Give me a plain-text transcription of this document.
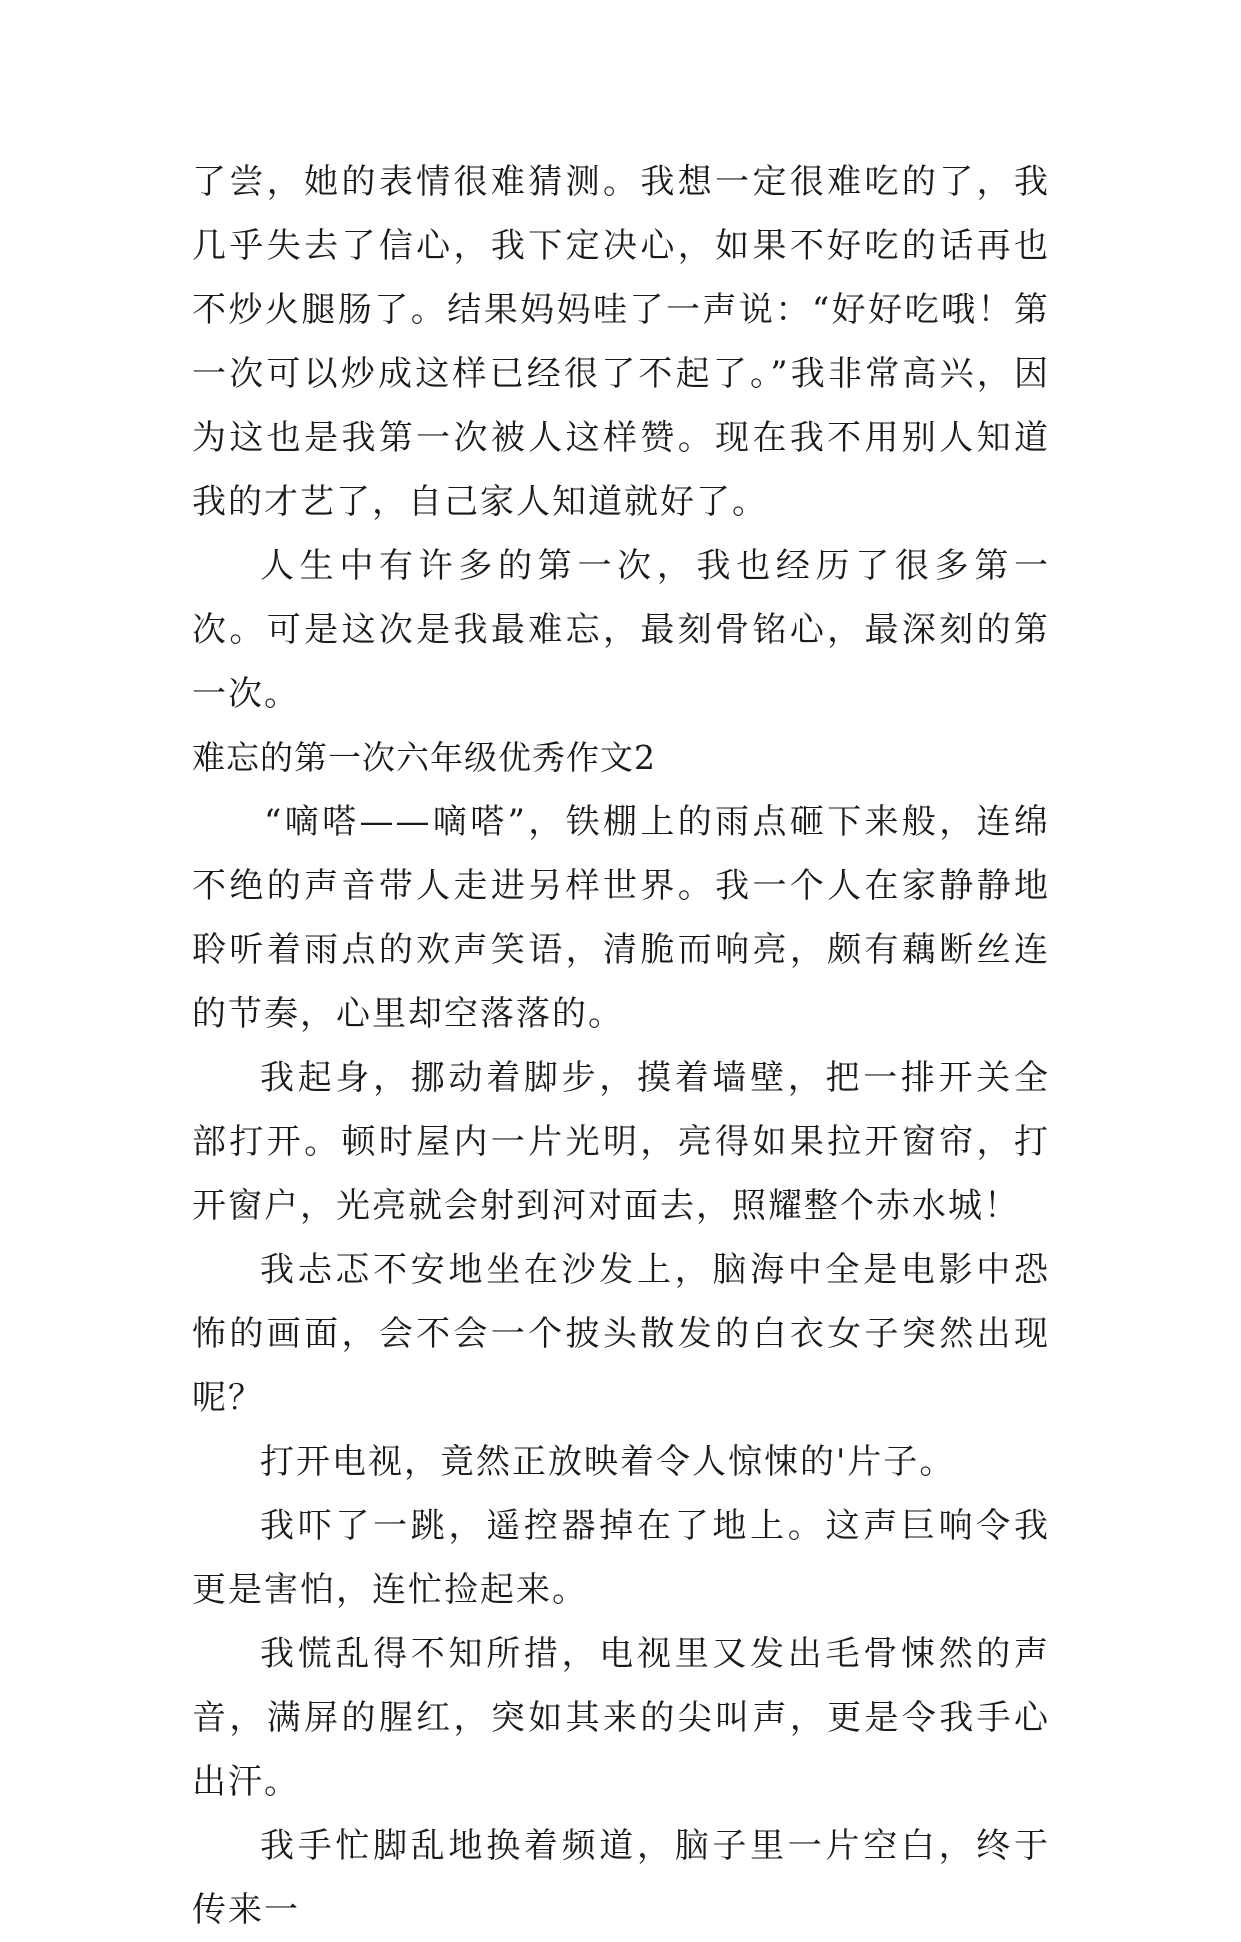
了尝，她的表情很难猜测。我想一定很难吃的了，我几乎失去了信心，我下定决心，如果不好吃的话再也不炒火腿肠了。结果妈妈哇了一声说：“好好吃哦！第一次可以炒成这样已经很了不起了。”我非常高兴，因为这也是我第一次被人这样赞。现在我不用别人知道我的才艺了，自己家人知道就好了。

人生中有许多的第一次，我也经历了很多第一次。可是这次是我最难忘，最刻骨铭心，最深刻的第一次。

难忘的第一次六年级优秀作文2

“嘀嗒——嘀嗒”，铁棚上的雨点砸下来般，连绵不绝的声音带人走进另样世界。我一个人在家静静地聆听着雨点的欢声笑语，清脆而响亮，颇有藕断丝连的节奏，心里却空落落的。

我起身，挪动着脚步，摸着墙壁，把一排开关全部打开。顿时屋内一片光明，亮得如果拉开窗帘，打开窗户，光亮就会射到河对面去，照耀整个赤水城！

我忐忑不安地坐在沙发上，脑海中全是电影中恐怖的画面，会不会一个披头散发的白衣女子突然出现呢？

打开电视，竟然正放映着令人惊悚的'片子。

我吓了一跳，遥控器掉在了地上。这声巨响令我更是害怕，连忙捡起来。

我慌乱得不知所措，电视里又发出毛骨悚然的声音，满屏的腥红，突如其来的尖叫声，更是令我手心出汗。

我手忙脚乱地换着频道，脑子里一片空白，终于传来一
